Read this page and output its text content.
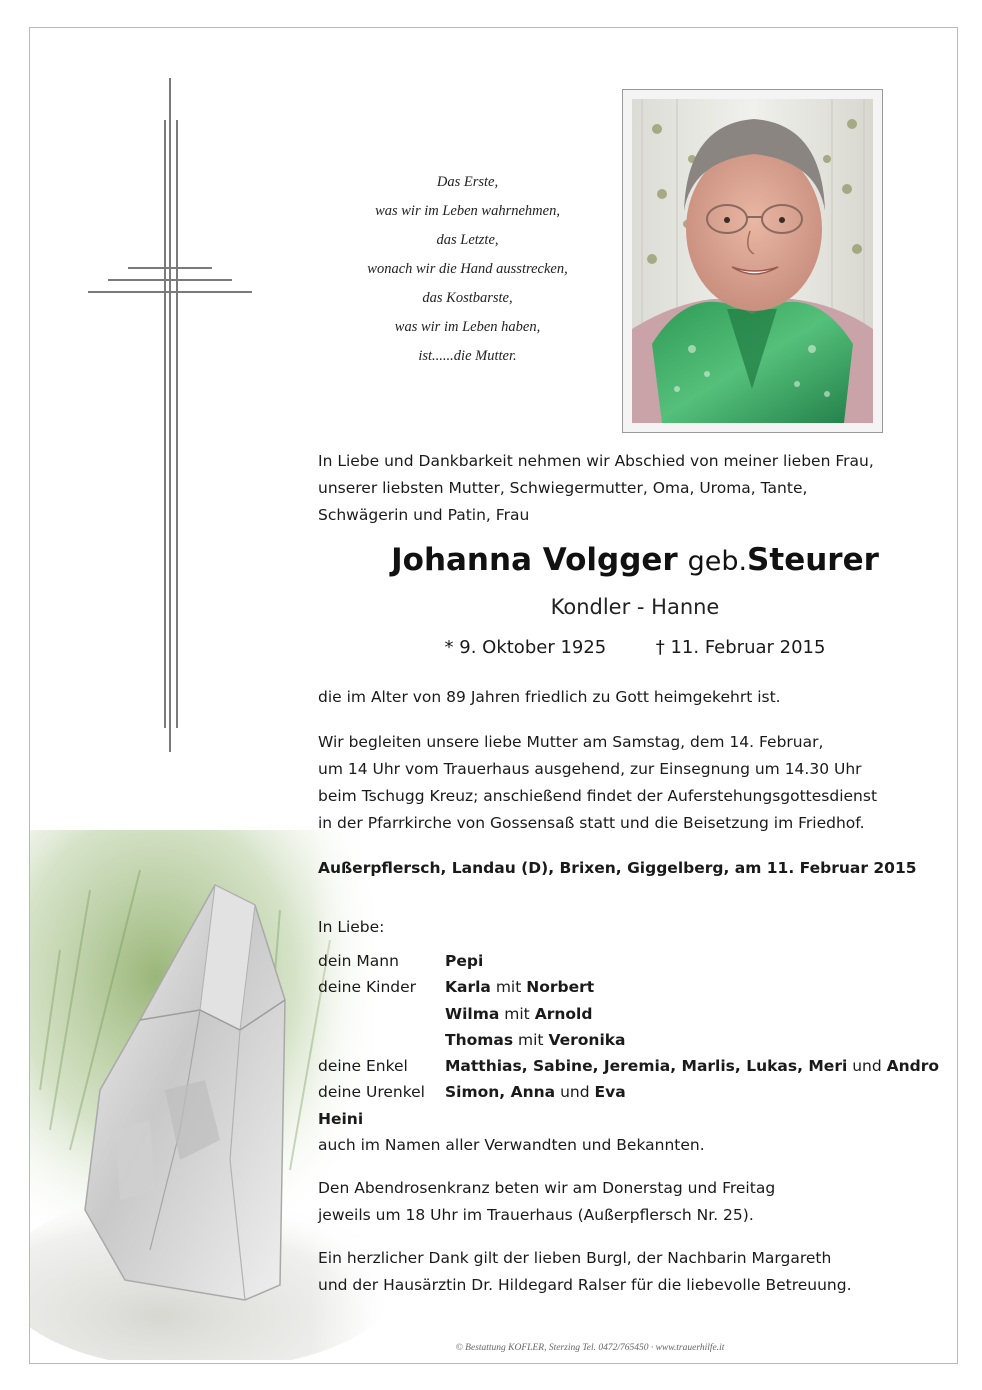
Das Erste,
was wir im Leben wahrnehmen,
das Letzte,
wonach wir die Hand ausstrecken,
das Kostbarste,
was wir im Leben haben,
ist......die Mutter.
In Liebe und Dankbarkeit nehmen wir Abschied von meiner lieben Frau,
unserer liebsten Mutter, Schwiegermutter, Oma, Uroma, Tante,
Schwägerin und Patin, Frau
Johanna Volgger geb.Steurer
Kondler - Hanne
* 9. Oktober 1925	† 11. Februar 2015
die im Alter von 89 Jahren friedlich zu Gott heimgekehrt ist.
Wir begleiten unsere liebe Mutter am Samstag, dem 14. Februar,
um 14 Uhr vom Trauerhaus ausgehend, zur Einsegnung um 14.30 Uhr
beim Tschugg Kreuz; anschießend findet der Auferstehungsgottesdienst
in der Pfarrkirche von Gossensaß statt und die Beisetzung im Friedhof.
Außerpflersch, Landau (D), Brixen, Giggelberg, am 11. Februar 2015
In Liebe:
dein Mann	Pepi
deine Kinder Karla mit Norbert
Wilma mit Arnold
Thomas mit Veronika
deine Enkel Matthias, Sabine, Jeremia, Marlis, Lukas, Meri und Andro
deine Urenkel Simon, Anna und Eva
Heini
auch im Namen aller Verwandten und Bekannten.
Den Abendrosenkranz beten wir am Donerstag und Freitag
jeweils um 18 Uhr im Trauerhaus (Außerpflersch Nr. 25).
Ein herzlicher Dank gilt der lieben Burgl, der Nachbarin Margareth
und der Hausärztin Dr. Hildegard Ralser für die liebevolle Betreuung.
© Bestattung KOFLER, Sterzing Tel. 0472/765450 · www.trauerhilfe.it
